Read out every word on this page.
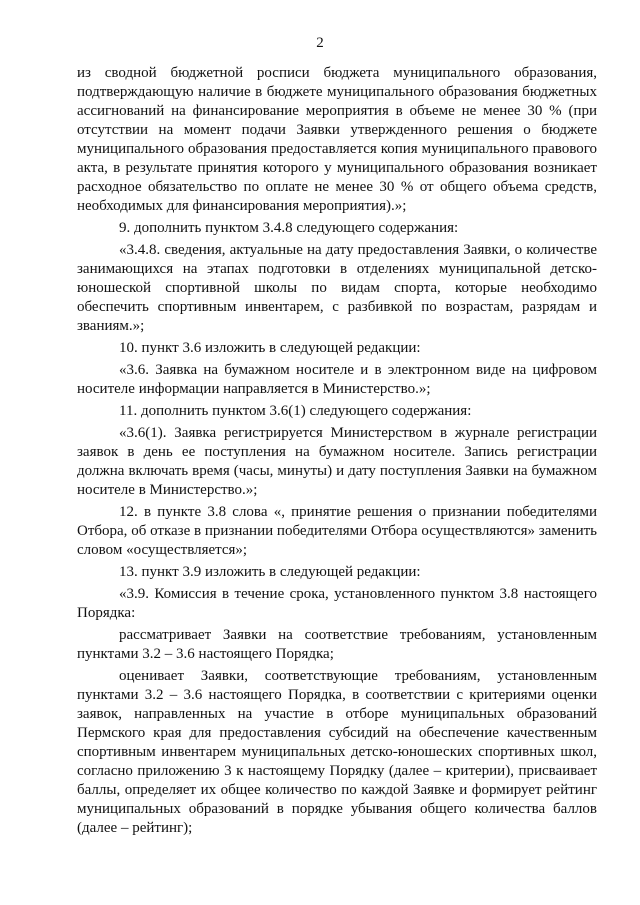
2

из сводной бюджетной росписи бюджета муниципального образования, подтверждающую наличие в бюджете муниципального образования бюджетных ассигнований на финансирование мероприятия в объеме не менее 30 % (при отсутствии на момент подачи Заявки утвержденного решения о бюджете муниципального образования предоставляется копия муниципального правового акта, в результате принятия которого у муниципального образования возникает расходное обязательство по оплате не менее 30 % от общего объема средств, необходимых для финансирования мероприятия).»;

9. дополнить пунктом 3.4.8 следующего содержания:

«3.4.8. сведения, актуальные на дату предоставления Заявки, о количестве занимающихся на этапах подготовки в отделениях муниципальной детско-юношеской спортивной школы по видам спорта, которые необходимо обеспечить спортивным инвентарем, с разбивкой по возрастам, разрядам и званиям.»;

10. пункт 3.6 изложить в следующей редакции:

«3.6. Заявка на бумажном носителе и в электронном виде на цифровом носителе информации направляется в Министерство.»;

11. дополнить пунктом 3.6(1) следующего содержания:

«3.6(1). Заявка регистрируется Министерством в журнале регистрации заявок в день ее поступления на бумажном носителе. Запись регистрации должна включать время (часы, минуты) и дату поступления Заявки на бумажном носителе в Министерство.»;

12. в пункте 3.8 слова «, принятие решения о признании победителями Отбора, об отказе в признании победителями Отбора осуществляются» заменить словом «осуществляется»;

13. пункт 3.9 изложить в следующей редакции:

«3.9. Комиссия в течение срока, установленного пунктом 3.8 настоящего Порядка:

рассматривает Заявки на соответствие требованиям, установленным пунктами 3.2 – 3.6 настоящего Порядка;

оценивает Заявки, соответствующие требованиям, установленным пунктами 3.2 – 3.6 настоящего Порядка, в соответствии с критериями оценки заявок, направленных на участие в отборе муниципальных образований Пермского края для предоставления субсидий на обеспечение качественным спортивным инвентарем муниципальных детско-юношеских спортивных школ, согласно приложению 3 к настоящему Порядку (далее – критерии), присваивает баллы, определяет их общее количество по каждой Заявке и формирует рейтинг муниципальных образований в порядке убывания общего количества баллов (далее – рейтинг);
